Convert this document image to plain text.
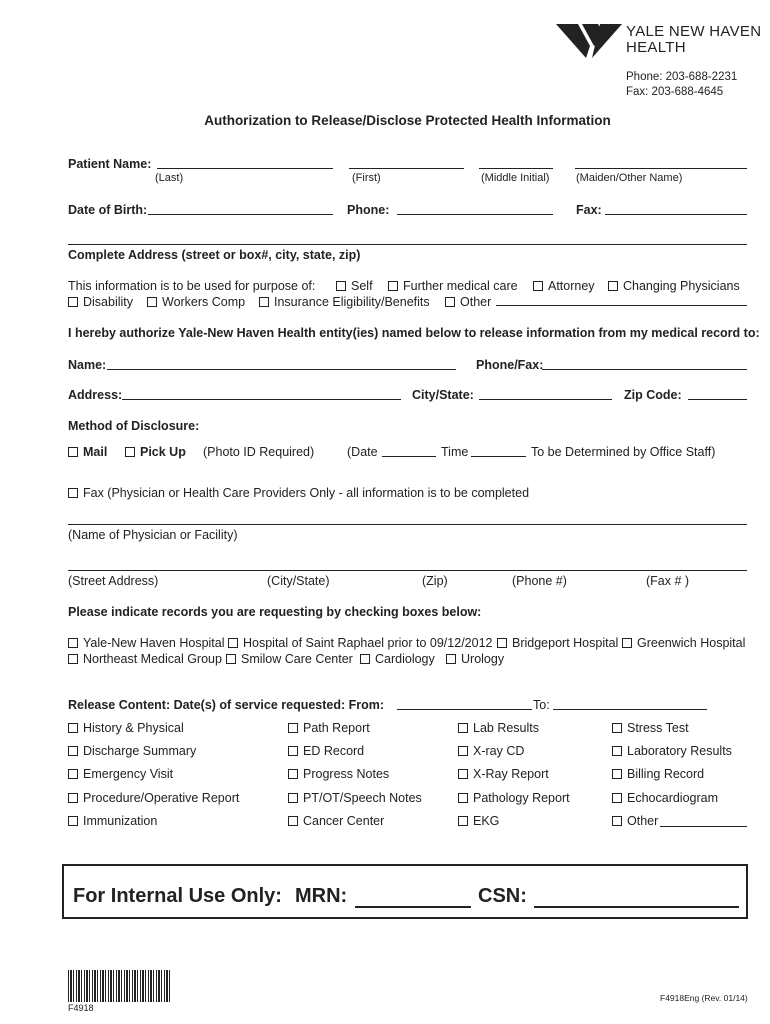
YALE NEW HAVEN
HEALTH
Phone: 203-688-2231
Fax: 203-688-4645
Authorization to Release/Disclose Protected Health Information
Patient Name:
(Last)	(First)	(Middle Initial) (Maiden/Other Name)
Date of Birth:	Phone:	Fax:
Complete Address (street or box#, city, state, zip)
This information is to be used for purpose of:	Self	Further medical care	Attorney	Changing Physicians
Disability	Workers Comp	Insurance Eligibility/Benefits	Other
I hereby authorize Yale-New Haven Health entity(ies) named below to release information from my medical record to:
Name:	Phone/Fax:
Address:	City/State:	Zip Code:
Method of Disclosure:
Mail	Pick Up (Photo ID Required)	(Date	Time	To be Determined by Office Staff)
Fax (Physician or Health Care Providers Only - all information is to be completed
(Name of Physician or Facility)
(Street Address)	(City/State)	(Zip)	(Phone #)	(Fax # )
Please indicate records you are requesting by checking boxes below:
Yale-New Haven Hospital	Hospital of Saint Raphael prior to 09/12/2012	Bridgeport Hospital	Greenwich Hospital
Northeast Medical Group	Smilow Care Center	Cardiology	Urology
Release Content: Date(s) of service requested: From:	To:
History & Physical	Path Report	Lab Results	Stress Test
Discharge Summary	ED Record	X-ray CD	Laboratory Results
Emergency Visit	Progress Notes	X-Ray Report	Billing Record
Procedure/Operative Report	PT/OT/Speech Notes	Pathology Report	Echocardiogram
Immunization	Cancer Center	EKG	Other
For Internal Use Only: MRN:	CSN:
F4918
F4918Eng (Rev. 01/14)
